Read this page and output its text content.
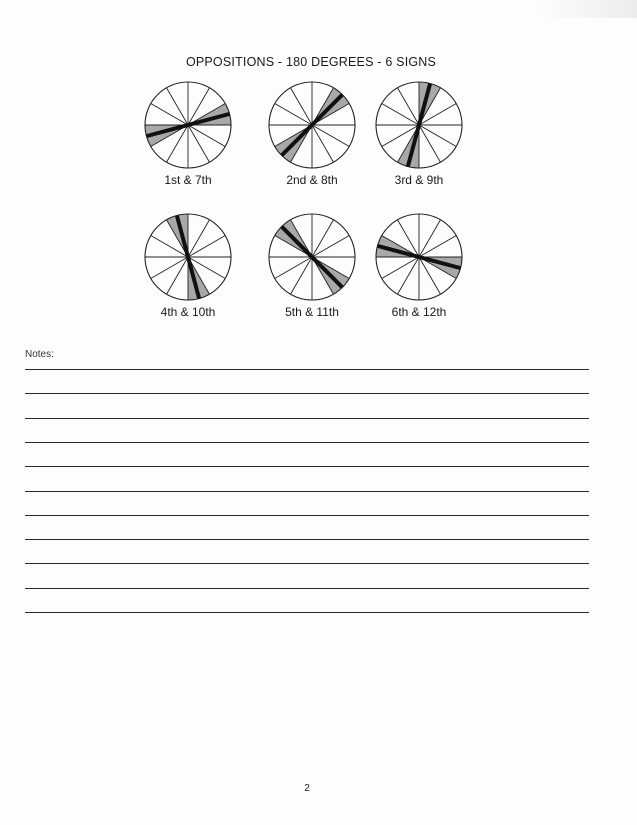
OPPOSITIONS - 180 DEGREES - 6 SIGNS
1st & 7th	2nd & 8th	3rd & 9th
4th & 10th	5th & 11th	6th & 12th
Notes:
2
